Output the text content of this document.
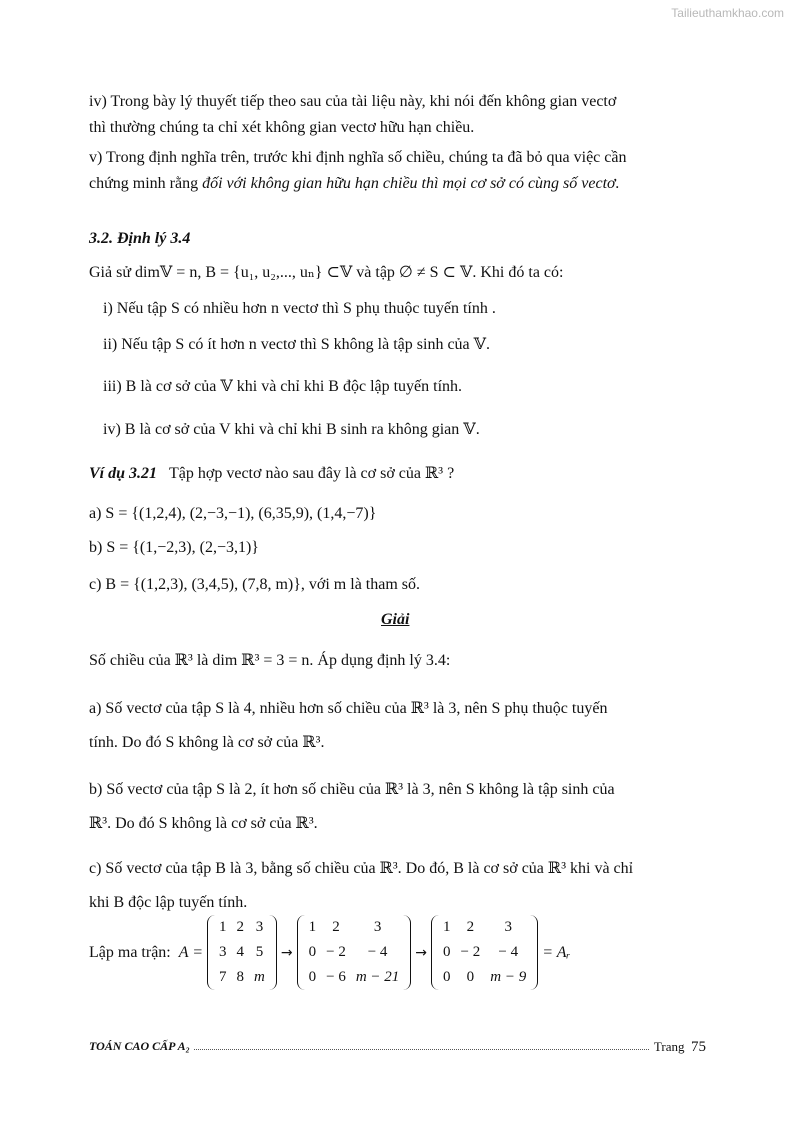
Tailieuthamkhao.com
iv) Trong bày lý thuyết tiếp theo sau của tài liệu này, khi nói đến không gian vectơ
thì thường chúng ta chỉ xét không gian vectơ hữu hạn chiều.
v) Trong định nghĩa trên, trước khi định nghĩa số chiều, chúng ta đã bỏ qua việc cần
chứng minh rằng đối với không gian hữu hạn chiều thì mọi cơ sở có cùng số vectơ.
3.2. Định lý 3.4
Giả sử dim𝕍 = n, B = {u₁, u₂,..., uₙ} ⊂𝕍 và tập ∅ ≠ S ⊂ 𝕍. Khi đó ta có:
i) Nếu tập S có nhiều hơn n vectơ thì S phụ thuộc tuyến tính .
ii) Nếu tập S có ít hơn n vectơ thì S không là tập sinh của 𝕍.
iii) B là cơ sở của 𝕍 khi và chỉ khi B độc lập tuyến tính.
iv) B là cơ sở của V khi và chỉ khi B sinh ra không gian 𝕍.
Ví dụ 3.21 Tập hợp vectơ nào sau đây là cơ sở của ℝ³ ?
a) S = {(1,2,4), (2,−3,−1), (6,35,9), (1,4,−7)}
b) S = {(1,−2,3), (2,−3,1)}
c) B = {(1,2,3), (3,4,5), (7,8, m)}, với m là tham số.
Giải
Số chiều của ℝ³ là dim ℝ³ = 3 = n. Áp dụng định lý 3.4:
a) Số vectơ của tập S là 4, nhiều hơn số chiều của ℝ³ là 3, nên S phụ thuộc tuyến
tính. Do đó S không là cơ sở của ℝ³.
b) Số vectơ của tập S là 2, ít hơn số chiều của ℝ³ là 3, nên S không là tập sinh của
ℝ³. Do đó S không là cơ sở của ℝ³.
c) Số vectơ của tập B là 3, bằng số chiều của ℝ³. Do đó, B là cơ sở của ℝ³ khi và chỉ
khi B độc lập tuyến tính.
Lập ma trận: A =
1	2	3
3	4	5
7	8	m
→
1	2	3
0	− 2	− 4
0	− 6	m − 21
→
1	2	3
0	− 2	− 4
0	0	m − 9
= Aᵣ
TOÁN CAO CẤP A₂	Trang 75
